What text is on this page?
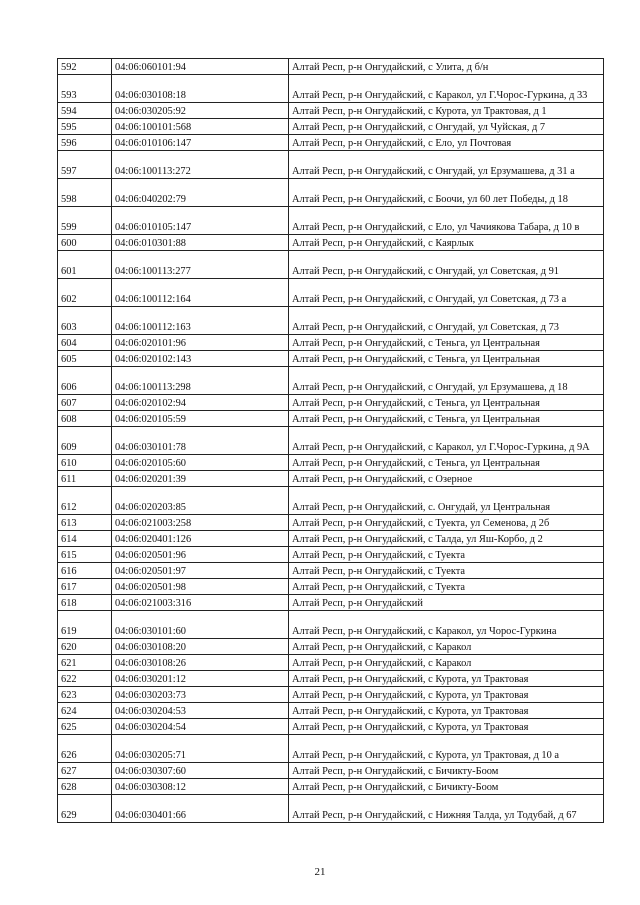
592	04:06:060101:94	Алтай Респ, р-н Онгудайский, с Улита, д б/н
593	04:06:030108:18	Алтай Респ, р-н Онгудайский, с Каракол, ул Г.Чорос-Гуркина, д 33
594	04:06:030205:92	Алтай Респ, р-н Онгудайский, с Курота, ул Трактовая, д 1
595	04:06:100101:568	Алтай Респ, р-н Онгудайский, с Онгудай, ул Чуйская, д 7
596	04:06:010106:147	Алтай Респ, р-н Онгудайский, с Ело, ул Почтовая
597	04:06:100113:272	Алтай Респ, р-н Онгудайский, с Онгудай, ул Ерзумашева, д 31 а
598	04:06:040202:79	Алтай Респ, р-н Онгудайский, с Боочи, ул 60 лет Победы, д 18
599	04:06:010105:147	Алтай Респ, р-н Онгудайский, с Ело, ул Чачиякова Табара, д 10 в
600	04:06:010301:88	Алтай Респ, р-н Онгудайский, с Каярлык
601	04:06:100113:277	Алтай Респ, р-н Онгудайский, с Онгудай, ул Советская, д 91
602	04:06:100112:164	Алтай Респ, р-н Онгудайский, с Онгудай, ул Советская, д 73 а
603	04:06:100112:163	Алтай Респ, р-н Онгудайский, с Онгудай, ул Советская, д 73
604	04:06:020101:96	Алтай Респ, р-н Онгудайский, с Теньга, ул Центральная
605	04:06:020102:143	Алтай Респ, р-н Онгудайский, с Теньга, ул Центральная
606	04:06:100113:298	Алтай Респ, р-н Онгудайский, с Онгудай, ул Ерзумашева, д 18
607	04:06:020102:94	Алтай Респ, р-н Онгудайский, с Теньга, ул Центральная
608	04:06:020105:59	Алтай Респ, р-н Онгудайский, с Теньга, ул Центральная
609	04:06:030101:78	Алтай Респ, р-н Онгудайский, с Каракол, ул Г.Чорос-Гуркина, д 9А
610	04:06:020105:60	Алтай Респ, р-н Онгудайский, с Теньга, ул Центральная
611	04:06:020201:39	Алтай Респ, р-н Онгудайский, с Озерное
612	04:06:020203:85	Алтай Респ, р-н Онгудайский, с. Онгудай, ул Центральная
613	04:06:021003:258	Алтай Респ, р-н Онгудайский, с Туекта, ул Семенова, д 2б
614	04:06:020401:126	Алтай Респ, р-н Онгудайский, с Талда, ул Яш-Корбо, д 2
615	04:06:020501:96	Алтай Респ, р-н Онгудайский, с Туекта
616	04:06:020501:97	Алтай Респ, р-н Онгудайский, с Туекта
617	04:06:020501:98	Алтай Респ, р-н Онгудайский, с Туекта
618	04:06:021003:316	Алтай Респ, р-н Онгудайский
619	04:06:030101:60	Алтай Респ, р-н Онгудайский, с Каракол, ул Чорос-Гуркина
620	04:06:030108:20	Алтай Респ, р-н Онгудайский, с Каракол
621	04:06:030108:26	Алтай Респ, р-н Онгудайский, с Каракол
622	04:06:030201:12	Алтай Респ, р-н Онгудайский, с Курота, ул Трактовая
623	04:06:030203:73	Алтай Респ, р-н Онгудайский, с Курота, ул Трактовая
624	04:06:030204:53	Алтай Респ, р-н Онгудайский, с Курота, ул Трактовая
625	04:06:030204:54	Алтай Респ, р-н Онгудайский, с Курота, ул Трактовая
626	04:06:030205:71	Алтай Респ, р-н Онгудайский, с Курота, ул Трактовая, д 10 а
627	04:06:030307:60	Алтай Респ, р-н Онгудайский, с Бичикту-Боом
628	04:06:030308:12	Алтай Респ, р-н Онгудайский, с Бичикту-Боом
629	04:06:030401:66	Алтай Респ, р-н Онгудайский, с Нижняя Талда, ул Тодубай, д 67
21
